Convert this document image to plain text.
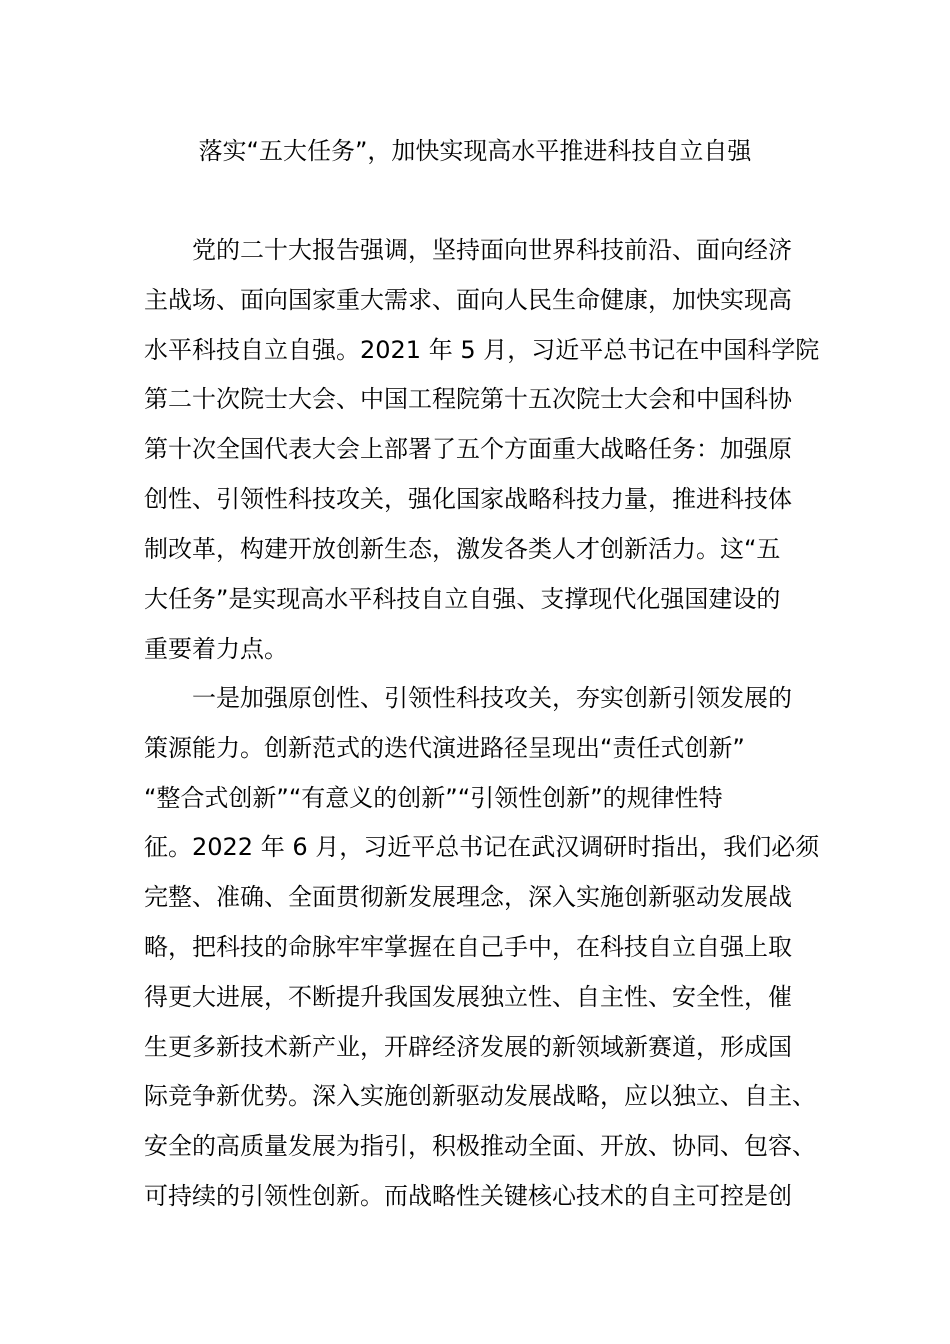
落实“五大任务”，加快实现高水平推进科技自立自强
党的二十大报告强调，坚持面向世界科技前沿、面向经济
主战场、面向国家重大需求、面向人民生命健康，加快实现高
水平科技自立自强。2021 年 5 月，习近平总书记在中国科学院
第二十次院士大会、中国工程院第十五次院士大会和中国科协
第十次全国代表大会上部署了五个方面重大战略任务：加强原
创性、引领性科技攻关，强化国家战略科技力量，推进科技体
制改革，构建开放创新生态，激发各类人才创新活力。这“五
大任务”是实现高水平科技自立自强、支撑现代化强国建设的
重要着力点。
一是加强原创性、引领性科技攻关，夯实创新引领发展的
策源能力。创新范式的迭代演进路径呈现出“责任式创新”
“整合式创新”“有意义的创新”“引领性创新”的规律性特
征。2022 年 6 月，习近平总书记在武汉调研时指出，我们必须
完整、准确、全面贯彻新发展理念，深入实施创新驱动发展战
略，把科技的命脉牢牢掌握在自己手中，在科技自立自强上取
得更大进展，不断提升我国发展独立性、自主性、安全性，催
生更多新技术新产业，开辟经济发展的新领域新赛道，形成国
际竞争新优势。深入实施创新驱动发展战略，应以独立、自主、
安全的高质量发展为指引，积极推动全面、开放、协同、包容、
可持续的引领性创新。而战略性关键核心技术的自主可控是创
